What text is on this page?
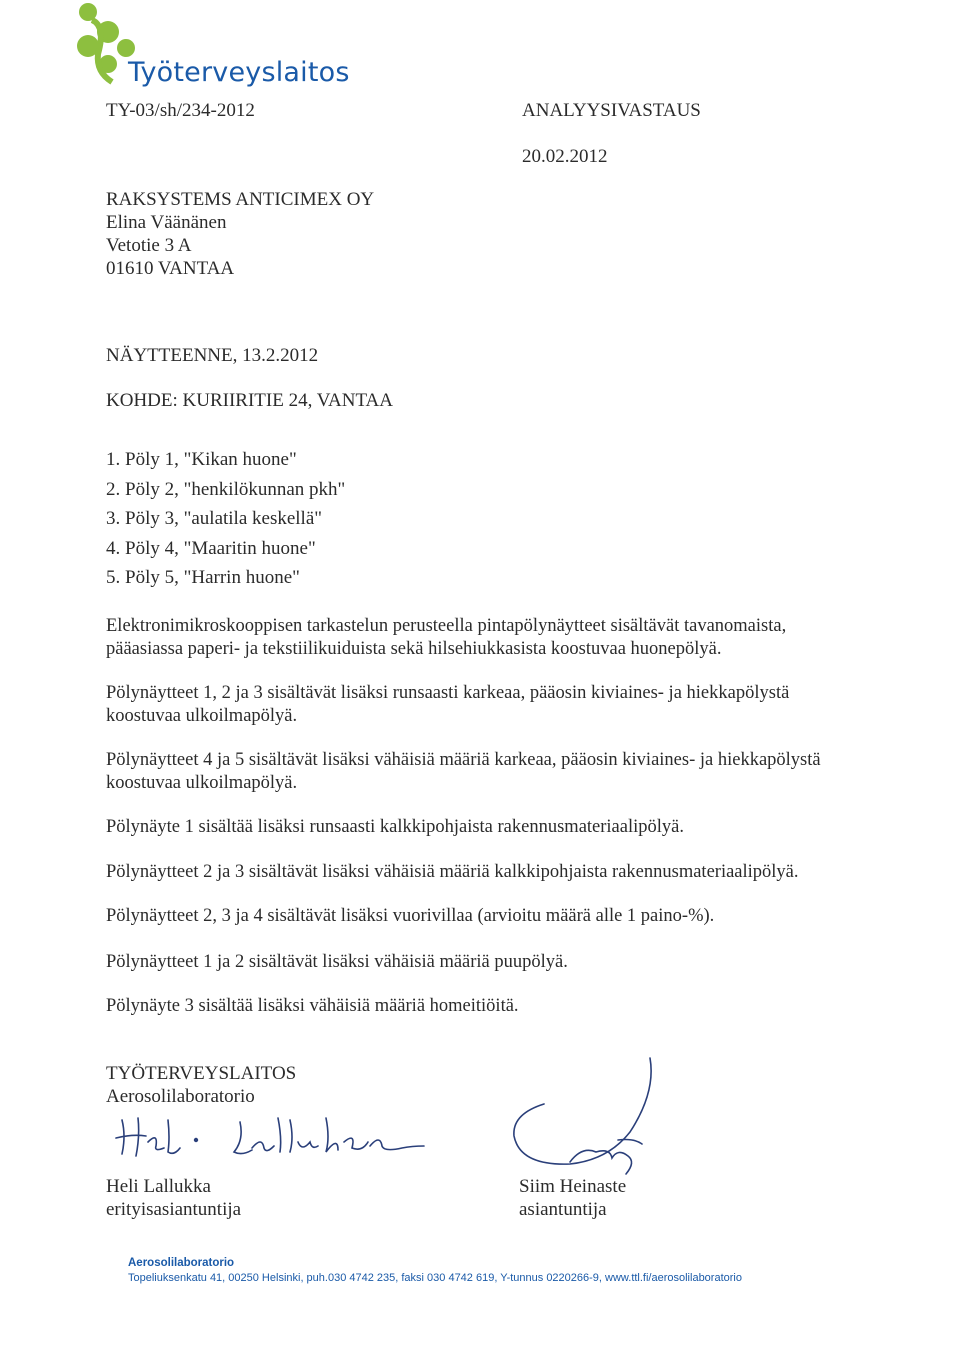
Työterveyslaitos
TY-03/sh/234-2012	ANALYYSIVASTAUS
20.02.2012
RAKSYSTEMS ANTICIMEX OY
Elina Väänänen
Vetotie 3 A
01610 VANTAA
NÄYTTEENNE, 13.2.2012
KOHDE: KURIIRITIE 24, VANTAA
1. Pöly 1, "Kikan huone"
2. Pöly 2, "henkilökunnan pkh"
3. Pöly 3, "aulatila keskellä"
4. Pöly 4, "Maaritin huone"
5. Pöly 5, "Harrin huone"
Elektronimikroskooppisen tarkastelun perusteella pintapölynäytteet sisältävät tavanomaista, pääasiassa paperi- ja tekstiilikuiduista sekä hilsehiukkasista koostuvaa huonepölyä.
Pölynäytteet 1, 2 ja 3 sisältävät lisäksi runsaasti karkeaa, pääosin kiviaines- ja hiekkapölystä koostuvaa ulkoilmapölyä.
Pölynäytteet 4 ja 5 sisältävät lisäksi vähäisiä määriä karkeaa, pääosin kiviaines- ja hiekkapölystä koostuvaa ulkoilmapölyä.
Pölynäyte 1 sisältää lisäksi runsaasti kalkkipohjaista rakennusmateriaalipölyä.
Pölynäytteet 2 ja 3 sisältävät lisäksi vähäisiä määriä kalkkipohjaista rakennusmateriaalipölyä.
Pölynäytteet 2, 3 ja 4 sisältävät lisäksi vuorivillaa (arvioitu määrä alle 1 paino-%).
Pölynäytteet 1 ja 2 sisältävät lisäksi vähäisiä määriä puupölyä.
Pölynäyte 3 sisältää lisäksi vähäisiä määriä homeitiöitä.
TYÖTERVEYSLAITOS
Aerosolilaboratorio
Heli Lallukka
erityisasiantuntija
Siim Heinaste
asiantuntija
Aerosolilaboratorio
Topeliuksenkatu 41, 00250 Helsinki, puh.030 4742 235, faksi 030 4742 619, Y-tunnus 0220266-9, www.ttl.fi/aerosolilaboratorio
